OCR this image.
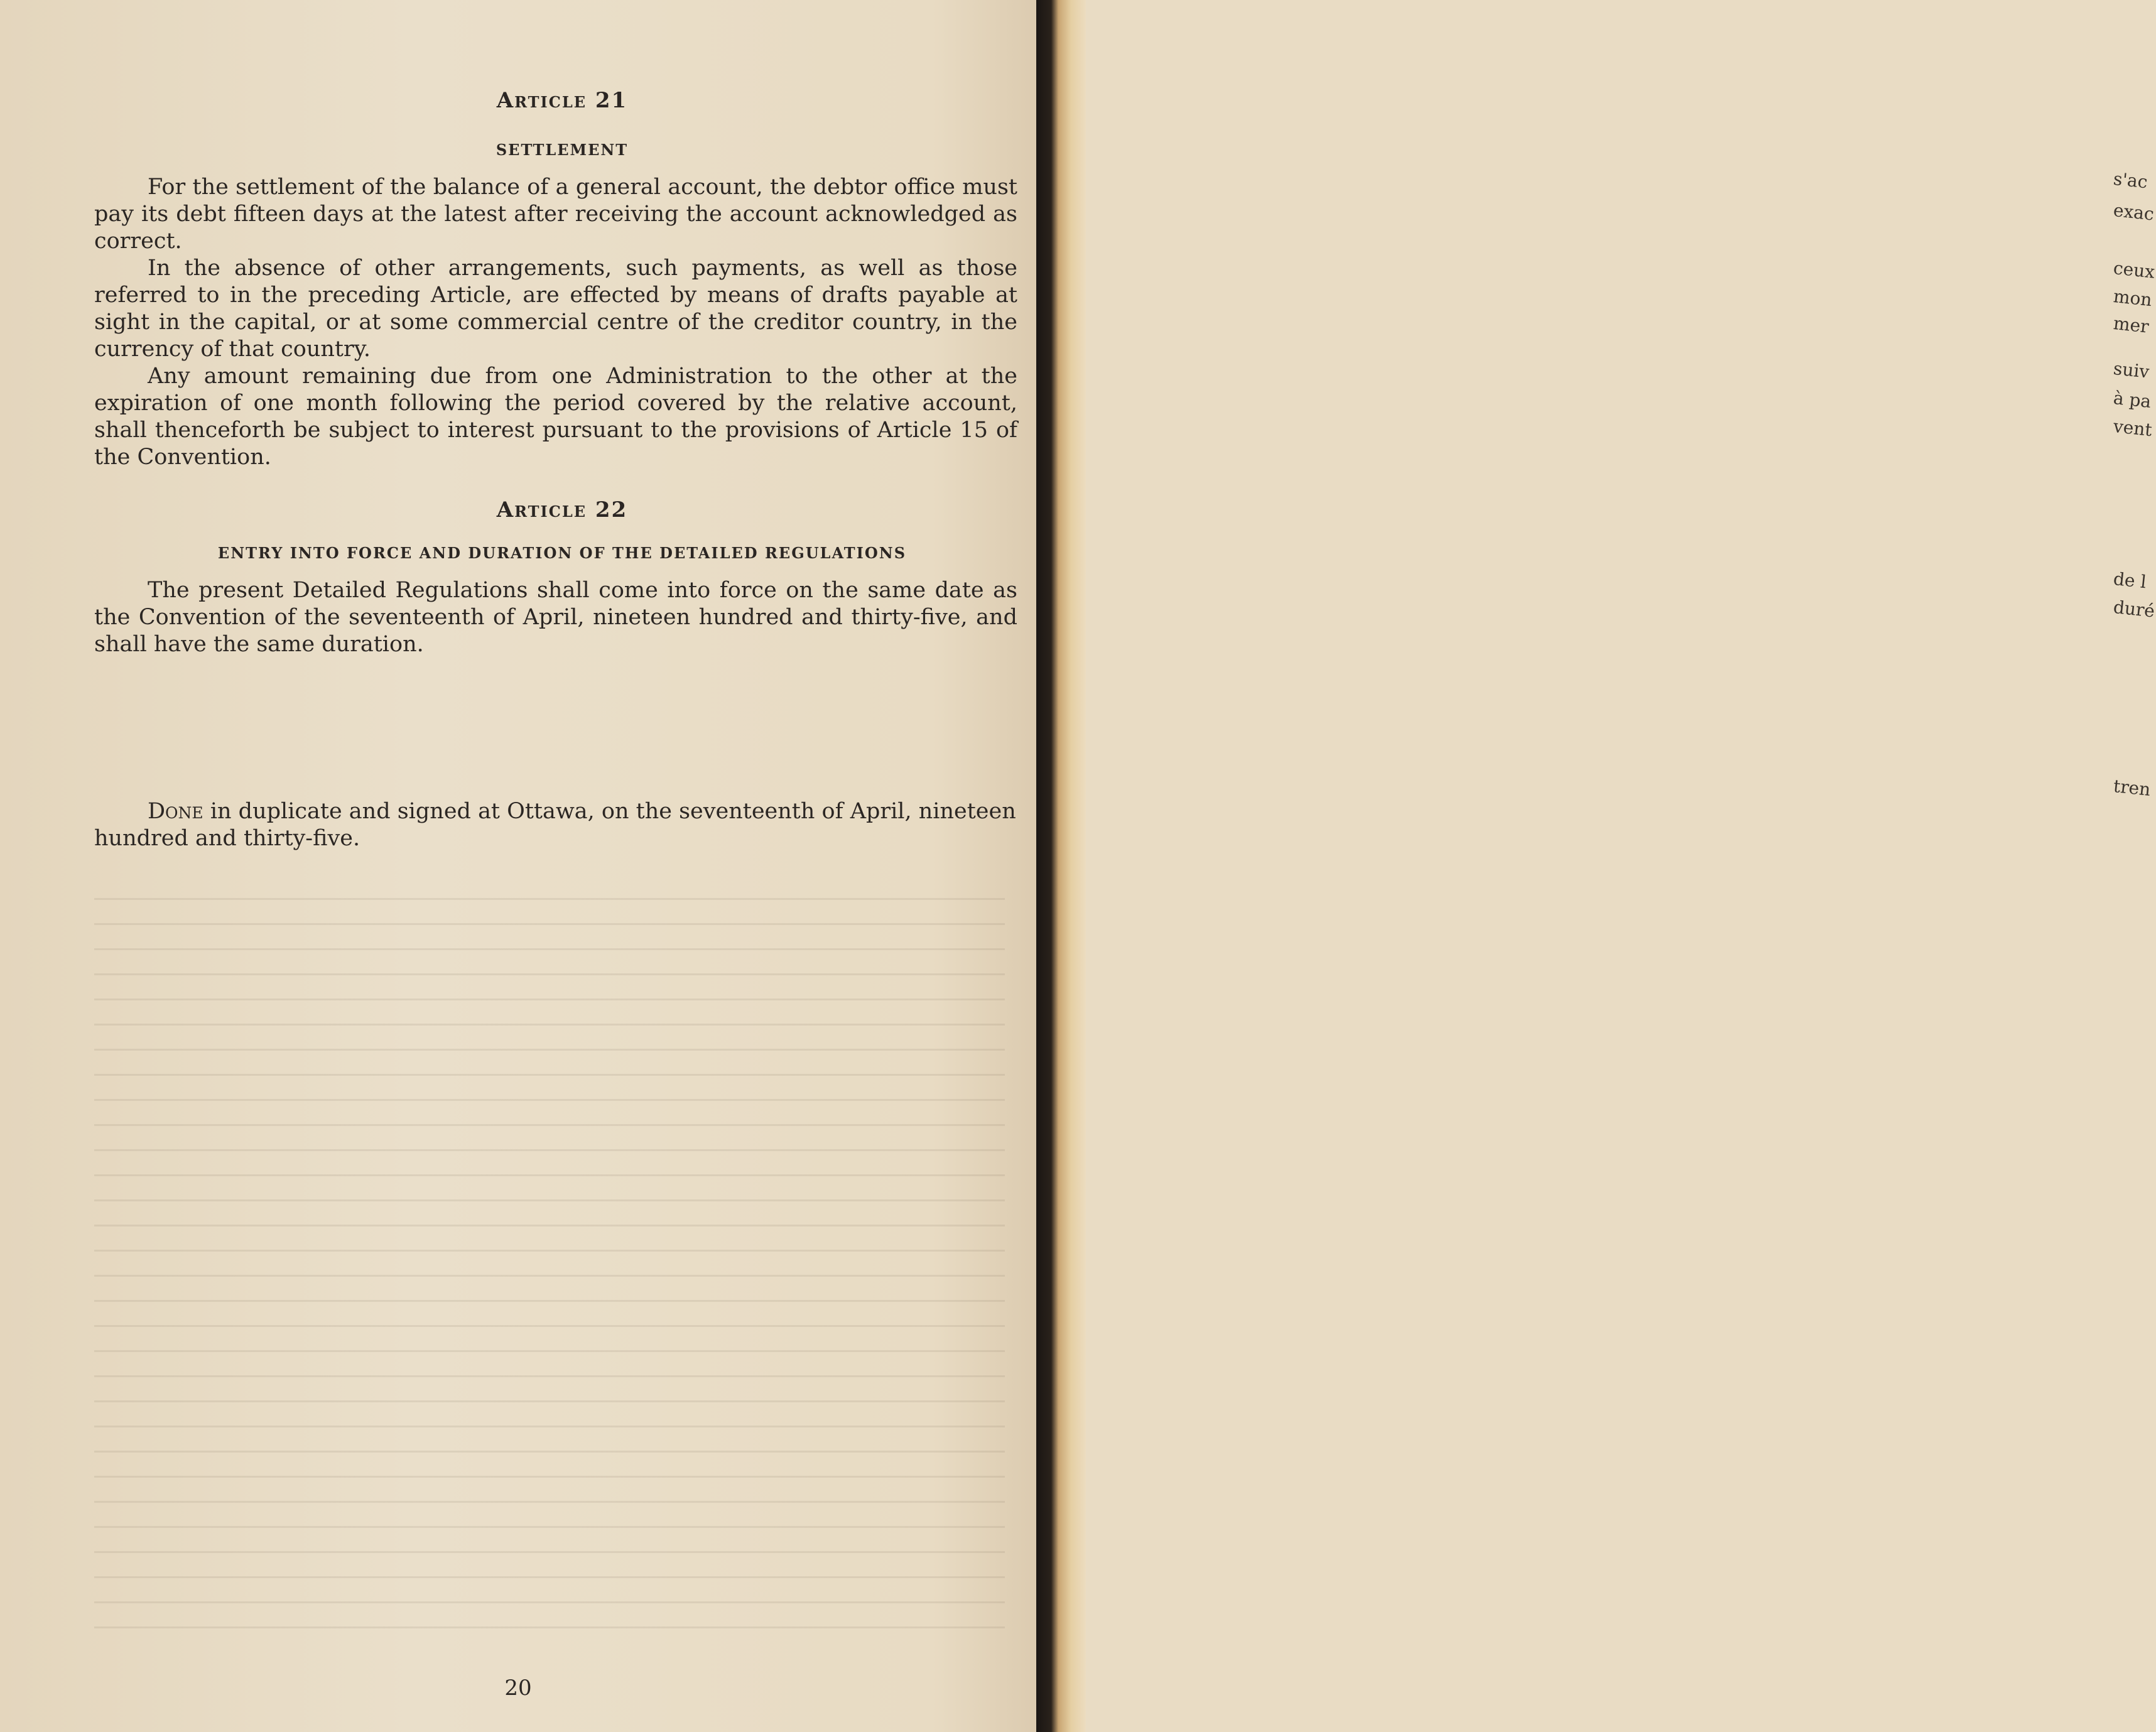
s'ac
exac
ceux
mon
mer
suiv
à pa
vent
de l
duré
tren
Article 21
SETTLEMENT

For the settlement of the balance of a general account, the debtor office must pay its debt fifteen days at the latest after receiving the account acknowledged as correct.

In the absence of other arrangements, such payments, as well as those referred to in the preceding Article, are effected by means of drafts payable at sight in the capital, or at some commercial centre of the creditor country, in the currency of that country.

Any amount remaining due from one Administration to the other at the expiration of one month following the period covered by the relative account, shall thenceforth be subject to interest pursuant to the provisions of Article 15 of the Convention.

Article 22
ENTRY INTO FORCE AND DURATION OF THE DETAILED REGULATIONS

The present Detailed Regulations shall come into force on the same date as the Convention of the seventeenth of April, nineteen hundred and thirty-five, and shall have the same duration.

Done in duplicate and signed at Ottawa, on the seventeenth of April, nineteen hundred and thirty-five.

20
